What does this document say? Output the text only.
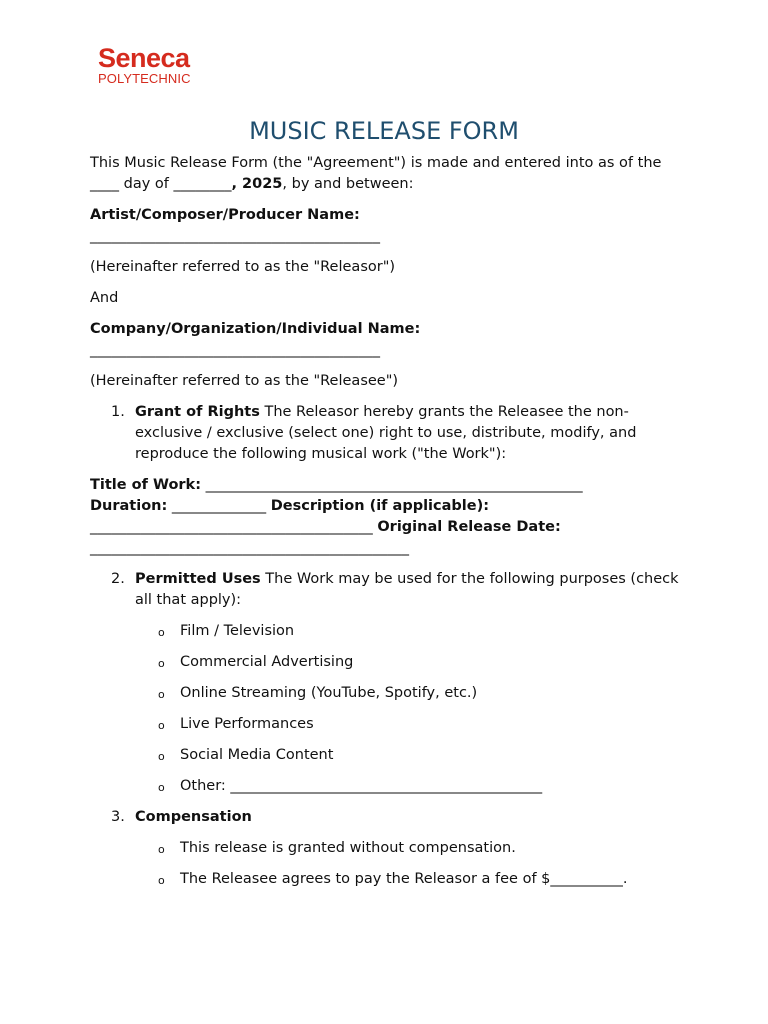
Seneca
POLYTECHNIC
MUSIC RELEASE FORM

This Music Release Form (the "Agreement") is made and entered into as of the ____ day of ________, 2025, by and between:

Artist/Composer/Producer Name:
________________________________________

(Hereinafter referred to as the "Releasor")

And

Company/Organization/Individual Name:
________________________________________

(Hereinafter referred to as the "Releasee")

1. Grant of Rights The Releasor hereby grants the Releasee the non-exclusive / exclusive (select one) right to use, distribute, modify, and reproduce the following musical work ("the Work"):

Title of Work: ____________________________________________________
Duration: _____________ Description (if applicable):
_______________________________________ Original Release Date:
____________________________________________

2. Permitted Uses The Work may be used for the following purposes (check all that apply):
o Film / Television
o Commercial Advertising
o Online Streaming (YouTube, Spotify, etc.)
o Live Performances
o Social Media Content
o Other: ___________________________________________
3. Compensation
o This release is granted without compensation.
o The Releasee agrees to pay the Releasor a fee of $__________.
